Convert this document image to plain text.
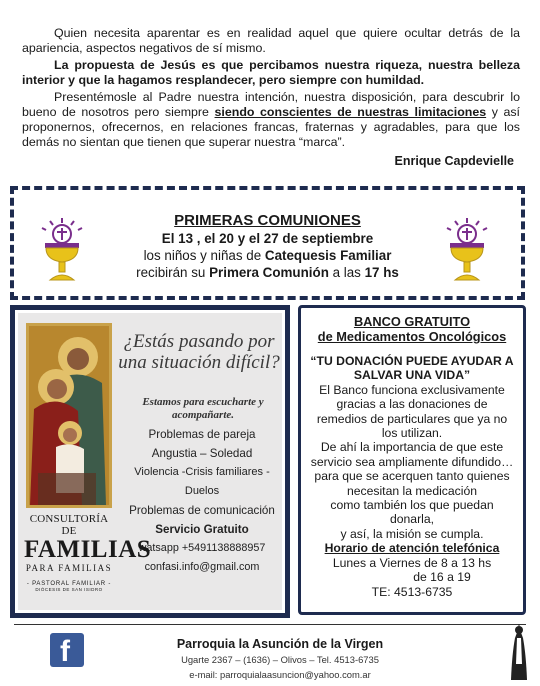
Quien necesita aparentar es en realidad aquel que quiere ocultar detrás de la apariencia, aspectos negativos de sí mismo.

La propuesta de Jesús es que percibamos nuestra riqueza, nuestra belleza interior y que la hagamos resplandecer, pero siempre con humildad.

Presentémosle al Padre nuestra intención, nuestra disposición, para descubrir lo bueno de nosotros pero siempre siendo conscientes de nuestras limitaciones y así proponernos, ofrecernos, en relaciones francas, fraternas y agradables, para que los demás no sientan que tienen que superar nuestra “marca”.

Enrique Capdevielle
PRIMERAS COMUNIONES
El 13 , el 20 y el 27 de septiembre
los niños y niñas de Catequesis Familiar
recibirán su Primera Comunión a las 17 hs
¿Estás pasando por una situación difícil?
Estamos para escucharte y acompañarte.
Problemas de pareja
Angustia – Soledad
Violencia -Crisis familiares - Duelos
Problemas de comunicación
Servicio Gratuito
watsapp +5491138888957
confasi.info@gmail.com
CONSULTORÍA DE
FAMILIAS
PARA FAMILIAS
- PASTORAL FAMILIAR -
DIÓCESIS DE SAN ISIDRO
BANCO GRATUITO
de Medicamentos Oncológicos
“TU DONACIÓN PUEDE AYUDAR A SALVAR UNA VIDA”
El Banco funciona exclusivamente
gracias a las donaciones de
remedios de particulares que ya no
los utilizan.
De ahí la importancia de que este
servicio sea ampliamente difundido…
para que se acerquen tanto quienes
necesitan la medicación
como también los que puedan
donarla,
y así, la misión se cumpla.
Horario de atención telefónica
Lunes a Viernes de 8 a 13 hs
de 16 a 19
TE: 4513-6735
f	Parroquia la Asunción de la Virgen
Ugarte 2367 – (1636) – Olivos – Tel. 4513-6735
e-mail: parroquialaasuncion@yahoo.com.ar
